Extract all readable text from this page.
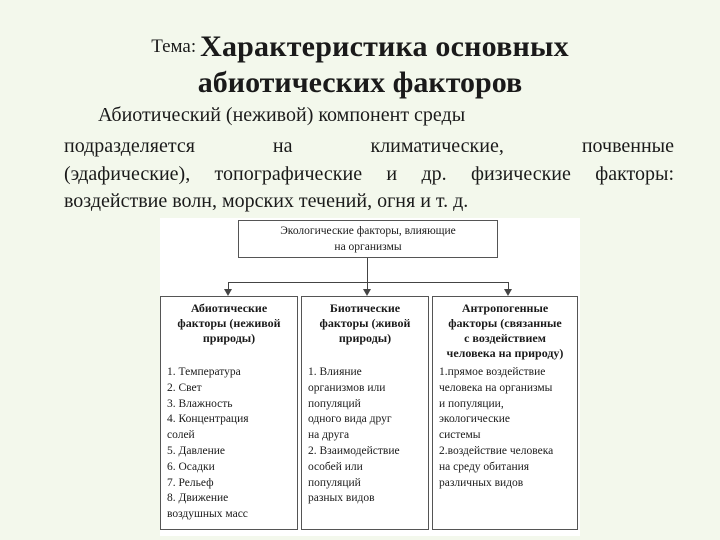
Тема: Характеристика основных
абиотических факторов
Абиотический (неживой) компонент среды
подразделяется на климатические, почвенные
(эдафические), топографические и др. физические факторы:
воздействие волн, морских течений, огня и т. д.
Экологические факторы, влияющие
на организмы
Абиотические
факторы (неживой
природы)
1. Температура
2. Свет
3. Влажность
4. Концентрация
солей
5. Давление
6. Осадки
7. Рельеф
8. Движение
воздушных масс
Биотические
факторы (живой
природы)
1. Влияние
организмов или
популяций
одного вида друг
на друга
2. Взаимодействие
особей или
популяций
разных видов
Антропогенные
факторы (связанные
с воздействием
человека на природу)
1.прямое воздействие
человека на организмы
и популяции,
экологические
системы
2.воздействие человека
на среду обитания
различных видов
